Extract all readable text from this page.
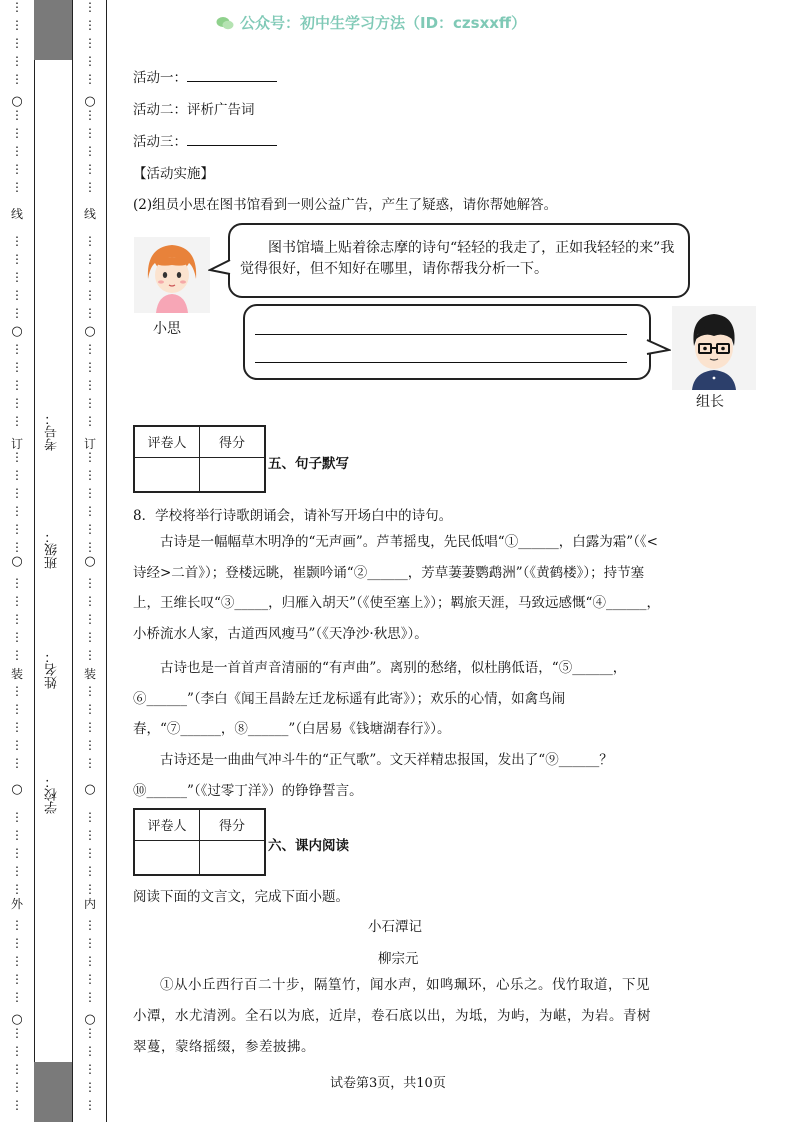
⋮
⋮
⋮
⋮
⋮
⋮
⋮
⋮
⋮
⋮
⋮
⋮
⋮
⋮
⋮
⋮
⋮
⋮
⋮
⋮
⋮
⋮
⋮
⋮
⋮
⋮
⋮
⋮
⋮
⋮
⋮
⋮
⋮
⋮
⋮
⋮
⋮
⋮
⋮
⋮
⋮
⋮
⋮
⋮
⋮
⋮
⋮
⋮
⋮
⋮
⋮
○
○
○
○
○
线
订
装
外
⋮
⋮
⋮
⋮
⋮
⋮
⋮
⋮
⋮
⋮
⋮
⋮
⋮
⋮
⋮
⋮
⋮
⋮
⋮
⋮
⋮
⋮
⋮
⋮
⋮
⋮
⋮
⋮
⋮
⋮
⋮
⋮
⋮
⋮
⋮
⋮
⋮
⋮
⋮
⋮
⋮
⋮
⋮
⋮
⋮
⋮
⋮
⋮
⋮
⋮
⋮
○
○
○
○
○
线
订
装
内
考号：
班级：
姓名：
学校：
公众号：初中生学习方法（ID：czsxxff）
活动一：
活动二：评析广告词
活动三：
【活动实施】
(2)组员小思在图书馆看到一则公益广告，产生了疑惑，请你帮她解答。
小思
图书馆墙上贴着徐志摩的诗句“轻轻的我走了，正如我轻轻的来”我觉得很好，但不知好在哪里，请你帮我分析一下。
组长
评卷人	得分

五、句子默写
8．学校将举行诗歌朗诵会，请补写开场白中的诗句。
古诗是一幅幅草木明净的“无声画”。芦苇摇曳，先民低唱“①______，白露为霜”（《<诗经>二首》）；登楼远眺，崔颢吟诵“②______，芳草萋萋鹦鹉洲”（《黄鹤楼》）；持节塞上，王维长叹“③_____，归雁入胡天”（《使至塞上》）；羁旅天涯，马致远感慨“④______，小桥流水人家，古道西风瘦马”（《天净沙·秋思》）。
古诗也是一首首声音清丽的“有声曲”。离别的愁绪，似杜鹃低语，“⑤______，⑥______”（李白《闻王昌龄左迁龙标遥有此寄》）；欢乐的心情，如禽鸟闹春，“⑦______，⑧______”（白居易《钱塘湖春行》）。
古诗还是一曲曲气冲斗牛的“正气歌”。文天祥精忠报国，发出了“⑨______？⑩______”（《过零丁洋》）的铮铮誓言。
评卷人	得分

六、课内阅读
阅读下面的文言文，完成下面小题。
小石潭记
柳宗元
①从小丘西行百二十步，隔篁竹，闻水声，如鸣珮环，心乐之。伐竹取道，下见小潭，水尤清洌。全石以为底，近岸，卷石底以出，为坻，为屿，为嵁，为岩。青树翠蔓，蒙络摇缀，参差披拂。
试卷第3页，共10页
